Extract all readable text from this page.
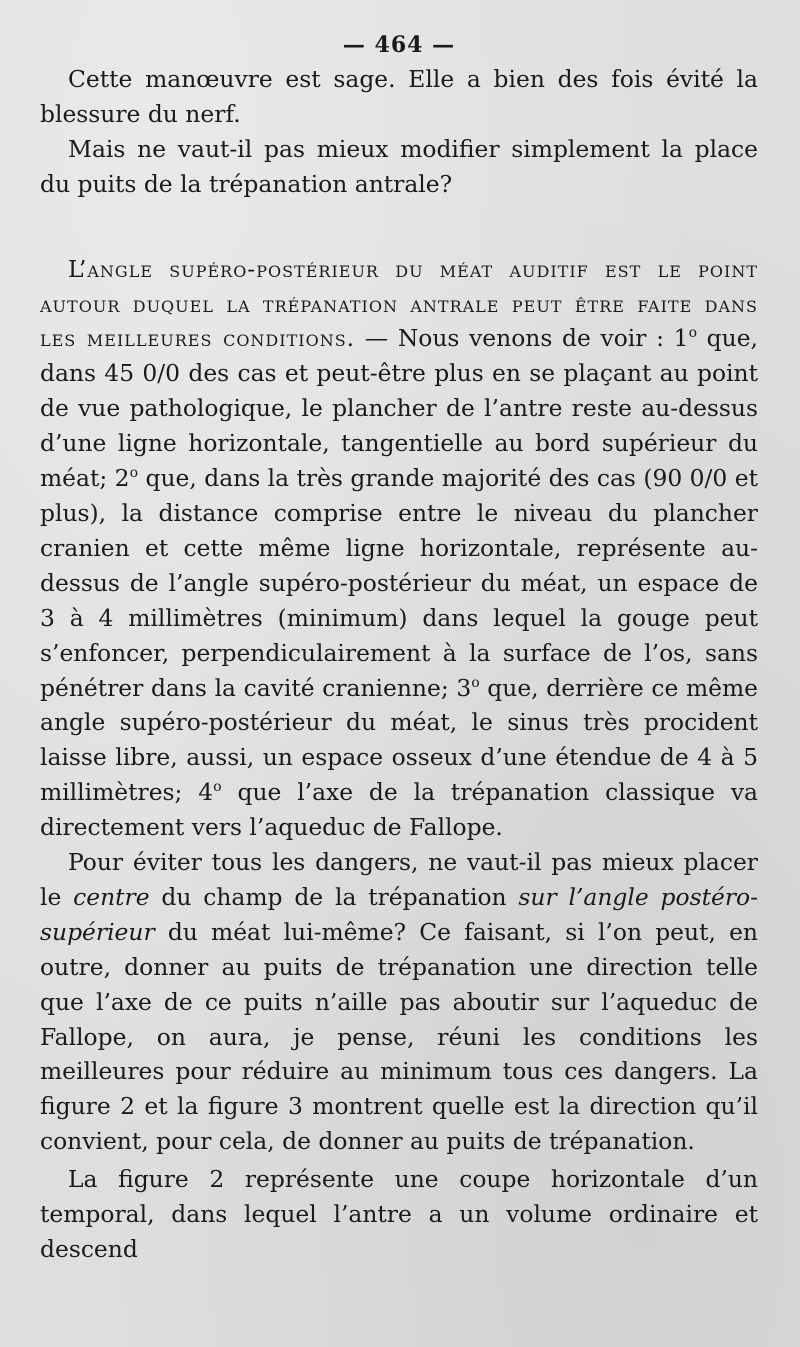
— 464 —

Cette manœuvre est sage. Elle a bien des fois évité la blessure du nerf.

Mais ne vaut-il pas mieux modifier simplement la place du puits de la trépanation antrale?

L’angle supéro-postérieur du méat auditif est le point autour duquel la trépanation antrale peut être faite dans les meilleures conditions. — Nous venons de voir : 1$^o$ que, dans 45 0/0 des cas et peut-être plus en se plaçant au point de vue pathologique, le plancher de l’antre reste au-dessus d’une ligne horizontale, tangentielle au bord supérieur du méat; 2$^o$ que, dans la très grande majorité des cas (90 0/0 et plus), la distance comprise entre le niveau du plancher cranien et cette même ligne horizontale, représente au-dessus de l’angle supéro-postérieur du méat, un espace de 3 à 4 millimètres (minimum) dans lequel la gouge peut s’enfoncer, perpendiculairement à la surface de l’os, sans pénétrer dans la cavité cranienne; 3$^o$ que, derrière ce même angle supéro-postérieur du méat, le sinus très procident laisse libre, aussi, un espace osseux d’une étendue de 4 à 5 millimètres; 4$^o$ que l’axe de la trépanation classique va directement vers l’aqueduc de Fallope.

Pour éviter tous les dangers, ne vaut-il pas mieux placer le centre du champ de la trépanation sur l’angle postéro-supérieur du méat lui-même? Ce faisant, si l’on peut, en outre, donner au puits de trépanation une direction telle que l’axe de ce puits n’aille pas aboutir sur l’aqueduc de Fallope, on aura, je pense, réuni les conditions les meilleures pour réduire au minimum tous ces dangers. La figure 2 et la figure 3 montrent quelle est la direction qu’il convient, pour cela, de donner au puits de trépanation.

La figure 2 représente une coupe horizontale d’un temporal, dans lequel l’antre a un volume ordinaire et descend
